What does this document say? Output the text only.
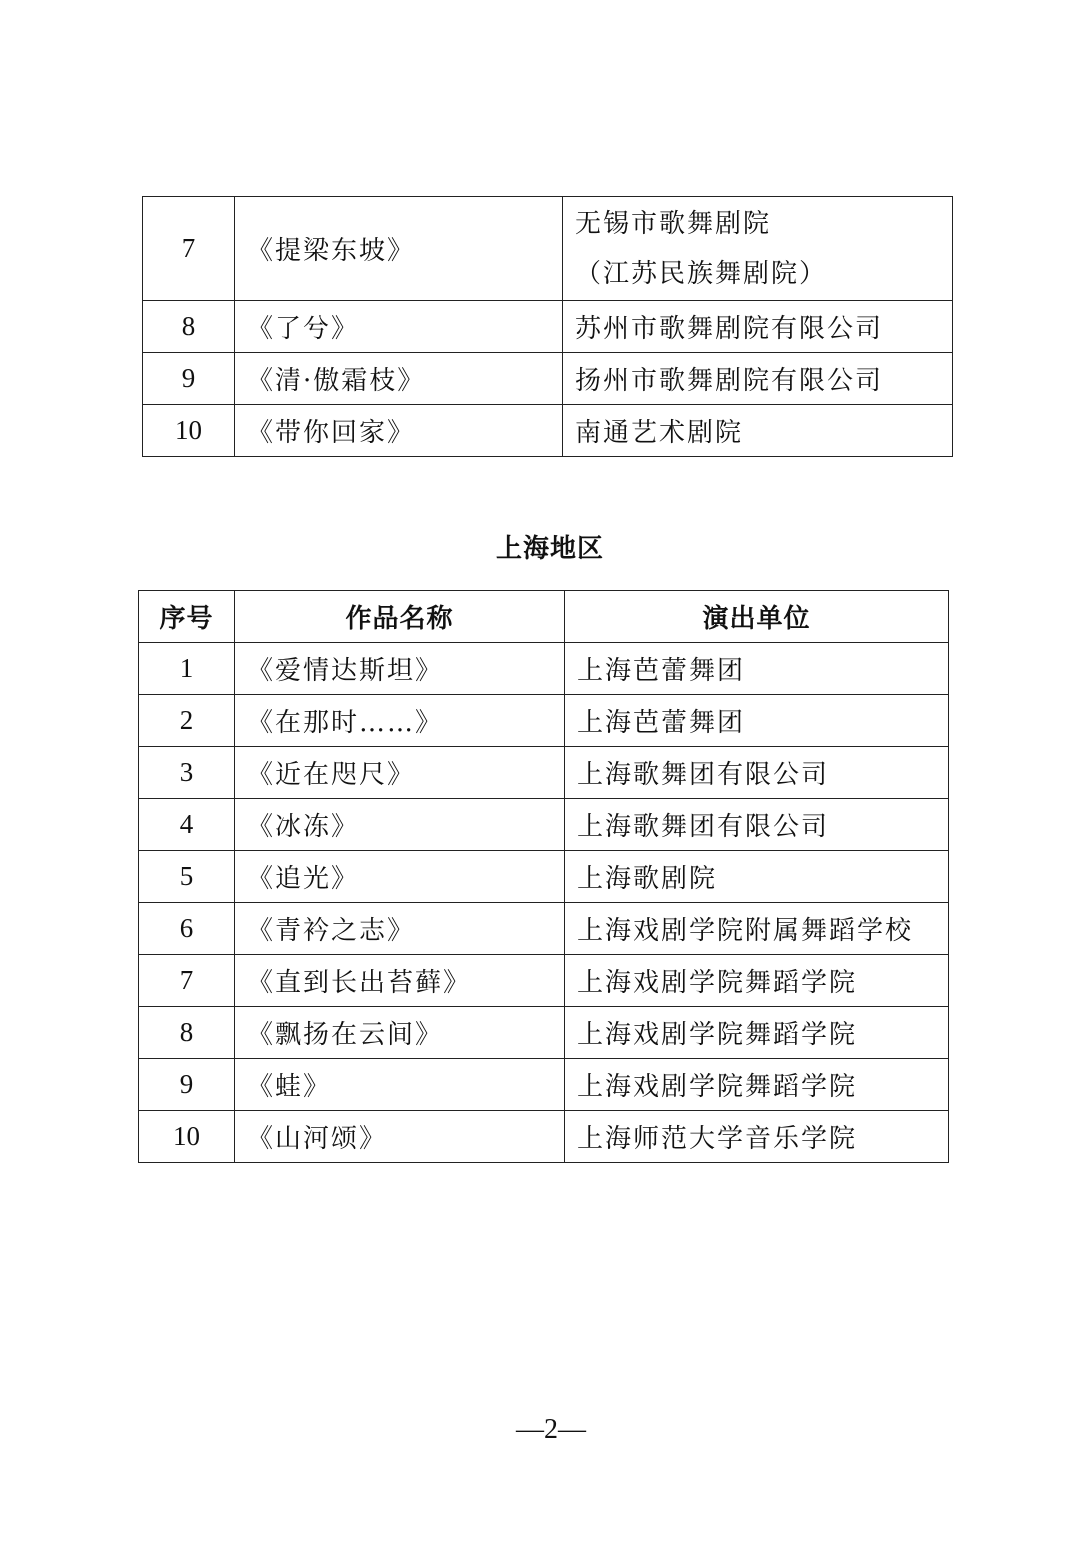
7	《提梁东坡》	无锡市歌舞剧院
（江苏民族舞剧院）

8	《了兮》	苏州市歌舞剧院有限公司
9	《清·傲霜枝》	扬州市歌舞剧院有限公司
10	《带你回家》	南通艺术剧院
上海地区
序号	作品名称	演出单位
1	《爱情达斯坦》	上海芭蕾舞团
2	《在那时……》	上海芭蕾舞团
3	《近在咫尺》	上海歌舞团有限公司
4	《冰冻》	上海歌舞团有限公司
5	《追光》	上海歌剧院
6	《青衿之志》	上海戏剧学院附属舞蹈学校
7	《直到长出苔藓》	上海戏剧学院舞蹈学院
8	《飘扬在云间》	上海戏剧学院舞蹈学院
9	《蛙》	上海戏剧学院舞蹈学院
10	《山河颂》	上海师范大学音乐学院
—2—
